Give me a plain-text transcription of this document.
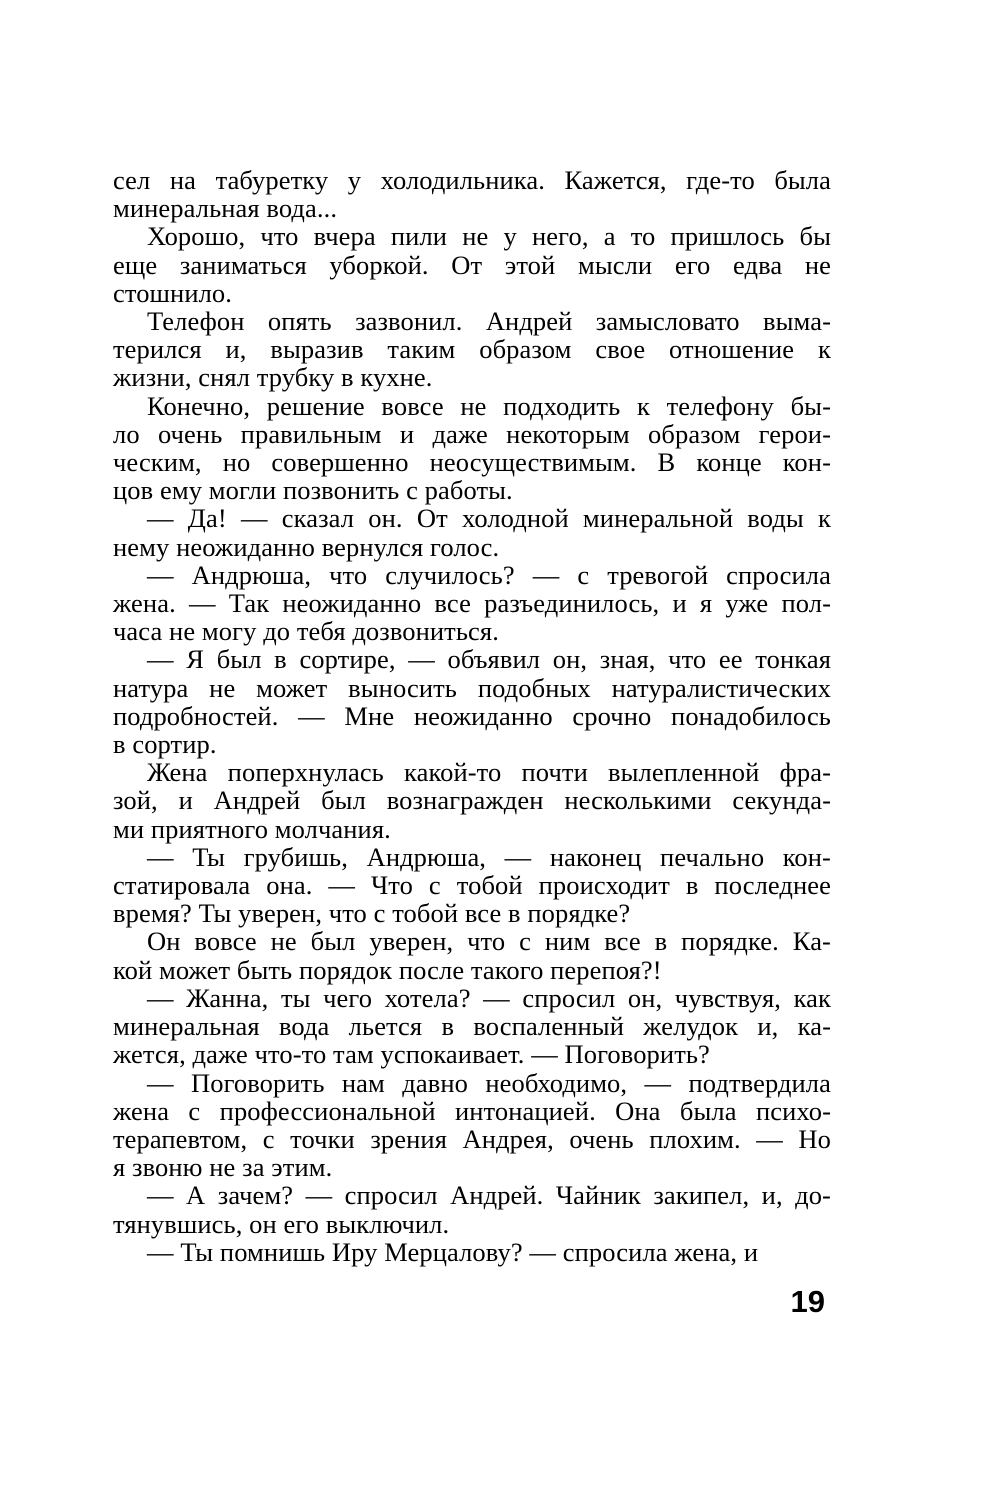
сел на табуретку у холодильника. Кажется, где-то была
минеральная вода...
Хорошо, что вчера пили не у него, а то пришлось бы
еще заниматься уборкой. От этой мысли его едва не
стошнило.
Телефон опять зазвонил. Андрей замысловато выма-
терился и, выразив таким образом свое отношение к
жизни, снял трубку в кухне.
Конечно, решение вовсе не подходить к телефону бы-
ло очень правильным и даже некоторым образом герои-
ческим, но совершенно неосуществимым. В конце кон-
цов ему могли позвонить с работы.
— Да! — сказал он. От холодной минеральной воды к
нему неожиданно вернулся голос.
— Андрюша, что случилось? — с тревогой спросила
жена. — Так неожиданно все разъединилось, и я уже пол-
часа не могу до тебя дозвониться.
— Я был в сортире, — объявил он, зная, что ее тонкая
натура не может выносить подобных натуралистических
подробностей. — Мне неожиданно срочно понадобилось
в сортир.
Жена поперхнулась какой-то почти вылепленной фра-
зой, и Андрей был вознагражден несколькими секунда-
ми приятного молчания.
— Ты грубишь, Андрюша, — наконец печально кон-
статировала она. — Что с тобой происходит в последнее
время? Ты уверен, что с тобой все в порядке?
Он вовсе не был уверен, что с ним все в порядке. Ка-
кой может быть порядок после такого перепоя?!
— Жанна, ты чего хотела? — спросил он, чувствуя, как
минеральная вода льется в воспаленный желудок и, ка-
жется, даже что-то там успокаивает. — Поговорить?
— Поговорить нам давно необходимо, — подтвердила
жена с профессиональной интонацией. Она была психо-
терапевтом, с точки зрения Андрея, очень плохим. — Но
я звоню не за этим.
— А зачем? — спросил Андрей. Чайник закипел, и, до-
тянувшись, он его выключил.
— Ты помнишь Иру Мерцалову? — спросила жена, и
19
